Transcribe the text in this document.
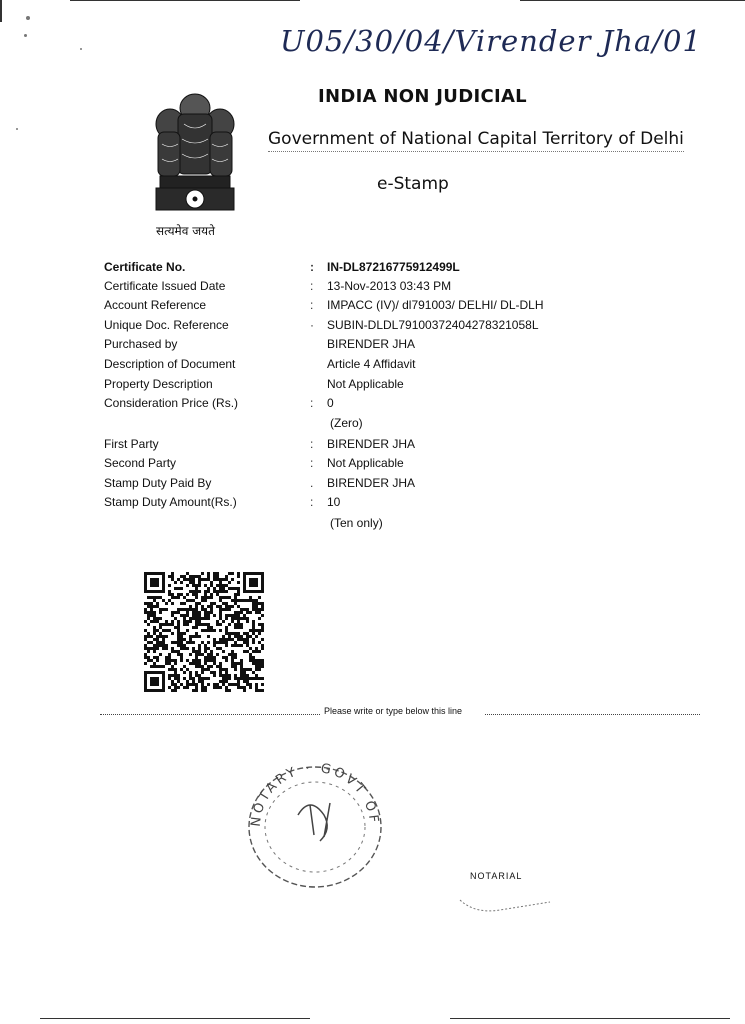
U05/30/04/Virender Jha/01
INDIA NON JUDICIAL
Government of National Capital Territory of Delhi
e-Stamp
सत्यमेव जयते
Certificate No.	: IN-DL87216775912499L
Certificate Issued Date	: 13-Nov-2013 03:43 PM
Account Reference	: IMPACC (IV)/ dl791003/ DELHI/ DL-DLH
Unique Doc. Reference	· SUBIN-DLDL79100372404278321058L
Purchased by	BIRENDER JHA
Description of Document	Article 4 Affidavit
Property Description	Not Applicable
Consideration Price (Rs.)	: 0
(Zero)
First Party	: BIRENDER JHA
Second Party	: Not Applicable
Stamp Duty Paid By	. BIRENDER JHA
Stamp Duty Amount(Rs.)	: 10
(Ten only)
Please write or type below this line
NOTARY · GOVT OF
NOTARIAL
